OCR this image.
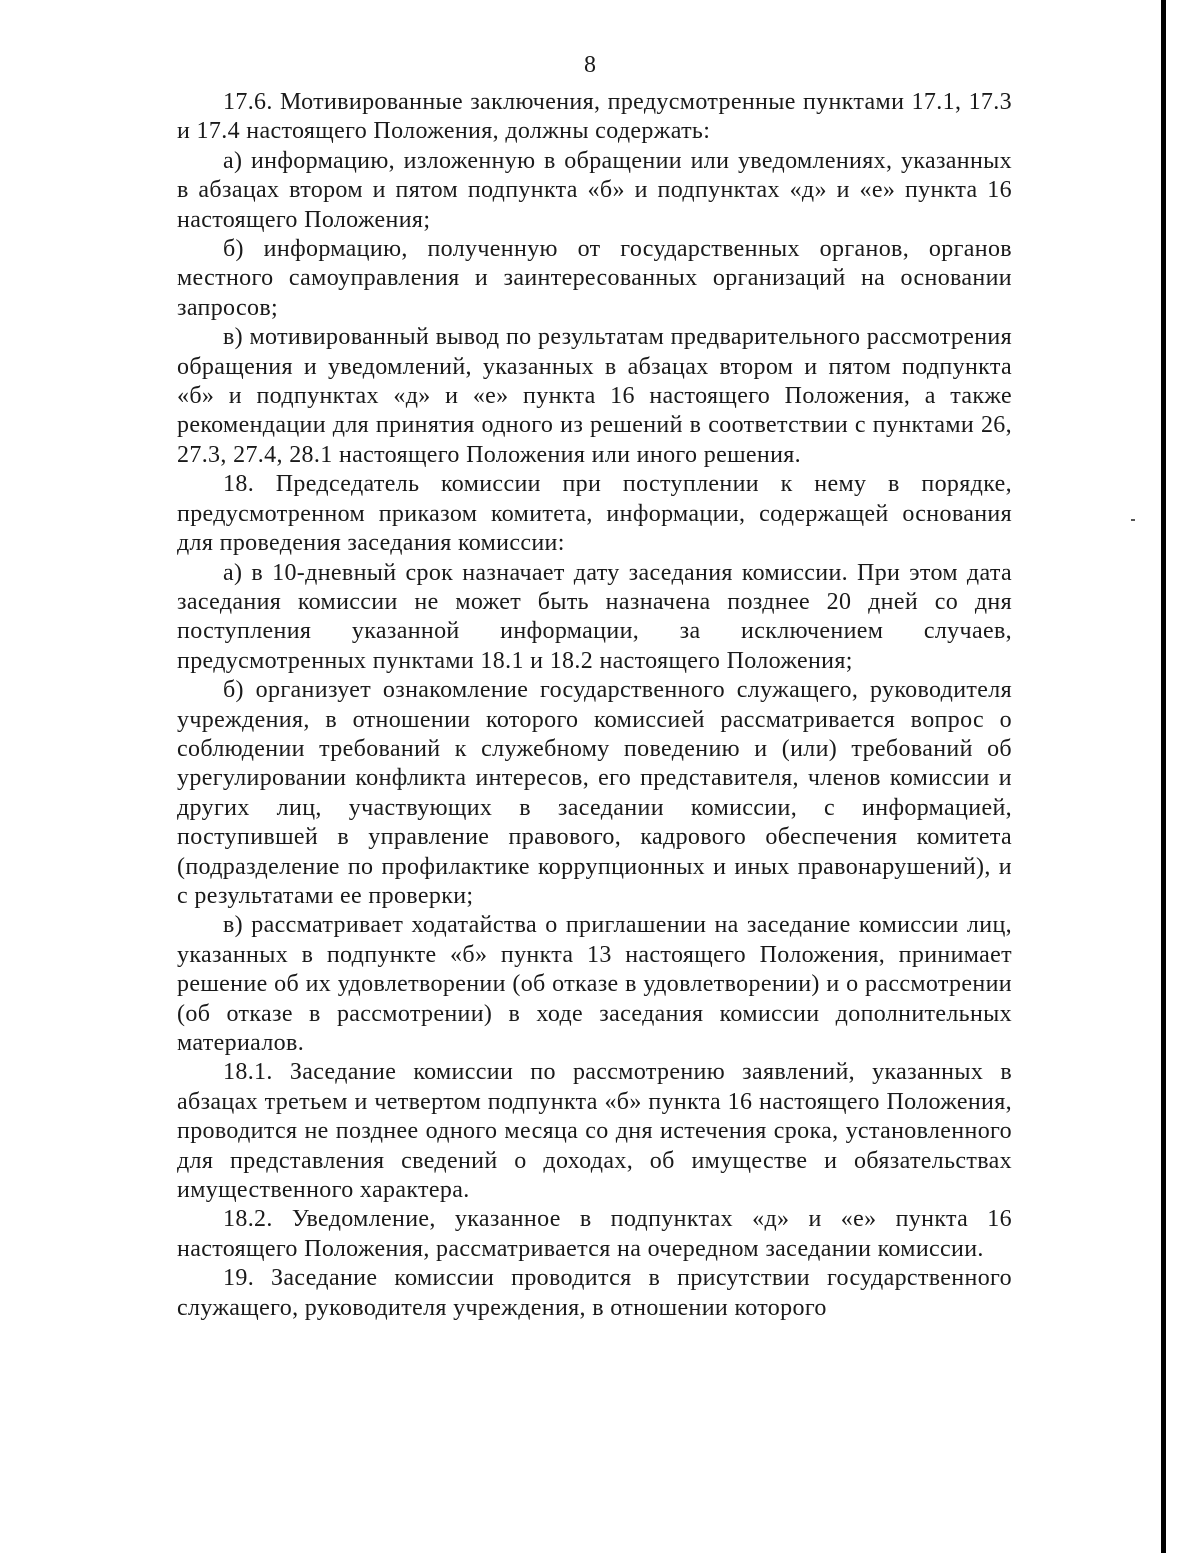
8

17.6. Мотивированные заключения, предусмотренные пунктами 17.1, 17.3 и 17.4 настоящего Положения, должны содержать:

а) информацию, изложенную в обращении или уведомлениях, указанных в абзацах втором и пятом подпункта «б» и подпунктах «д» и «е» пункта 16 настоящего Положения;

б) информацию, полученную от государственных органов, органов местного самоуправления и заинтересованных организаций на основании запросов;

в) мотивированный вывод по результатам предварительного рассмотрения обращения и уведомлений, указанных в абзацах втором и пятом подпункта «б» и подпунктах «д» и «е» пункта 16 настоящего Положения, а также рекомендации для принятия одного из решений в соответствии с пунктами 26, 27.3, 27.4, 28.1 настоящего Положения или иного решения.

18. Председатель комиссии при поступлении к нему в порядке, предусмотренном приказом комитета, информации, содержащей основания для проведения заседания комиссии:

а) в 10-дневный срок назначает дату заседания комиссии. При этом дата заседания комиссии не может быть назначена позднее 20 дней со дня поступления указанной информации, за исключением случаев, предусмотренных пунктами 18.1 и 18.2 настоящего Положения;

б) организует ознакомление государственного служащего, руководителя учреждения, в отношении которого комиссией рассматривается вопрос о соблюдении требований к служебному поведению и (или) требований об урегулировании конфликта интересов, его представителя, членов комиссии и других лиц, участвующих в заседании комиссии, с информацией, поступившей в управление правового, кадрового обеспечения комитета (подразделение по профилактике коррупционных и иных правонарушений), и с результатами ее проверки;

в) рассматривает ходатайства о приглашении на заседание комиссии лиц, указанных в подпункте «б» пункта 13 настоящего Положения, принимает решение об их удовлетворении (об отказе в удовлетворении) и о рассмотрении (об отказе в рассмотрении) в ходе заседания комиссии дополнительных материалов.

18.1. Заседание комиссии по рассмотрению заявлений, указанных в абзацах третьем и четвертом подпункта «б» пункта 16 настоящего Положения, проводится не позднее одного месяца со дня истечения срока, установленного для представления сведений о доходах, об имуществе и обязательствах имущественного характера.

18.2. Уведомление, указанное в подпунктах «д» и «е» пункта 16 настоящего Положения, рассматривается на очередном заседании комиссии.

19. Заседание комиссии проводится в присутствии государственного служащего, руководителя учреждения, в отношении которого
